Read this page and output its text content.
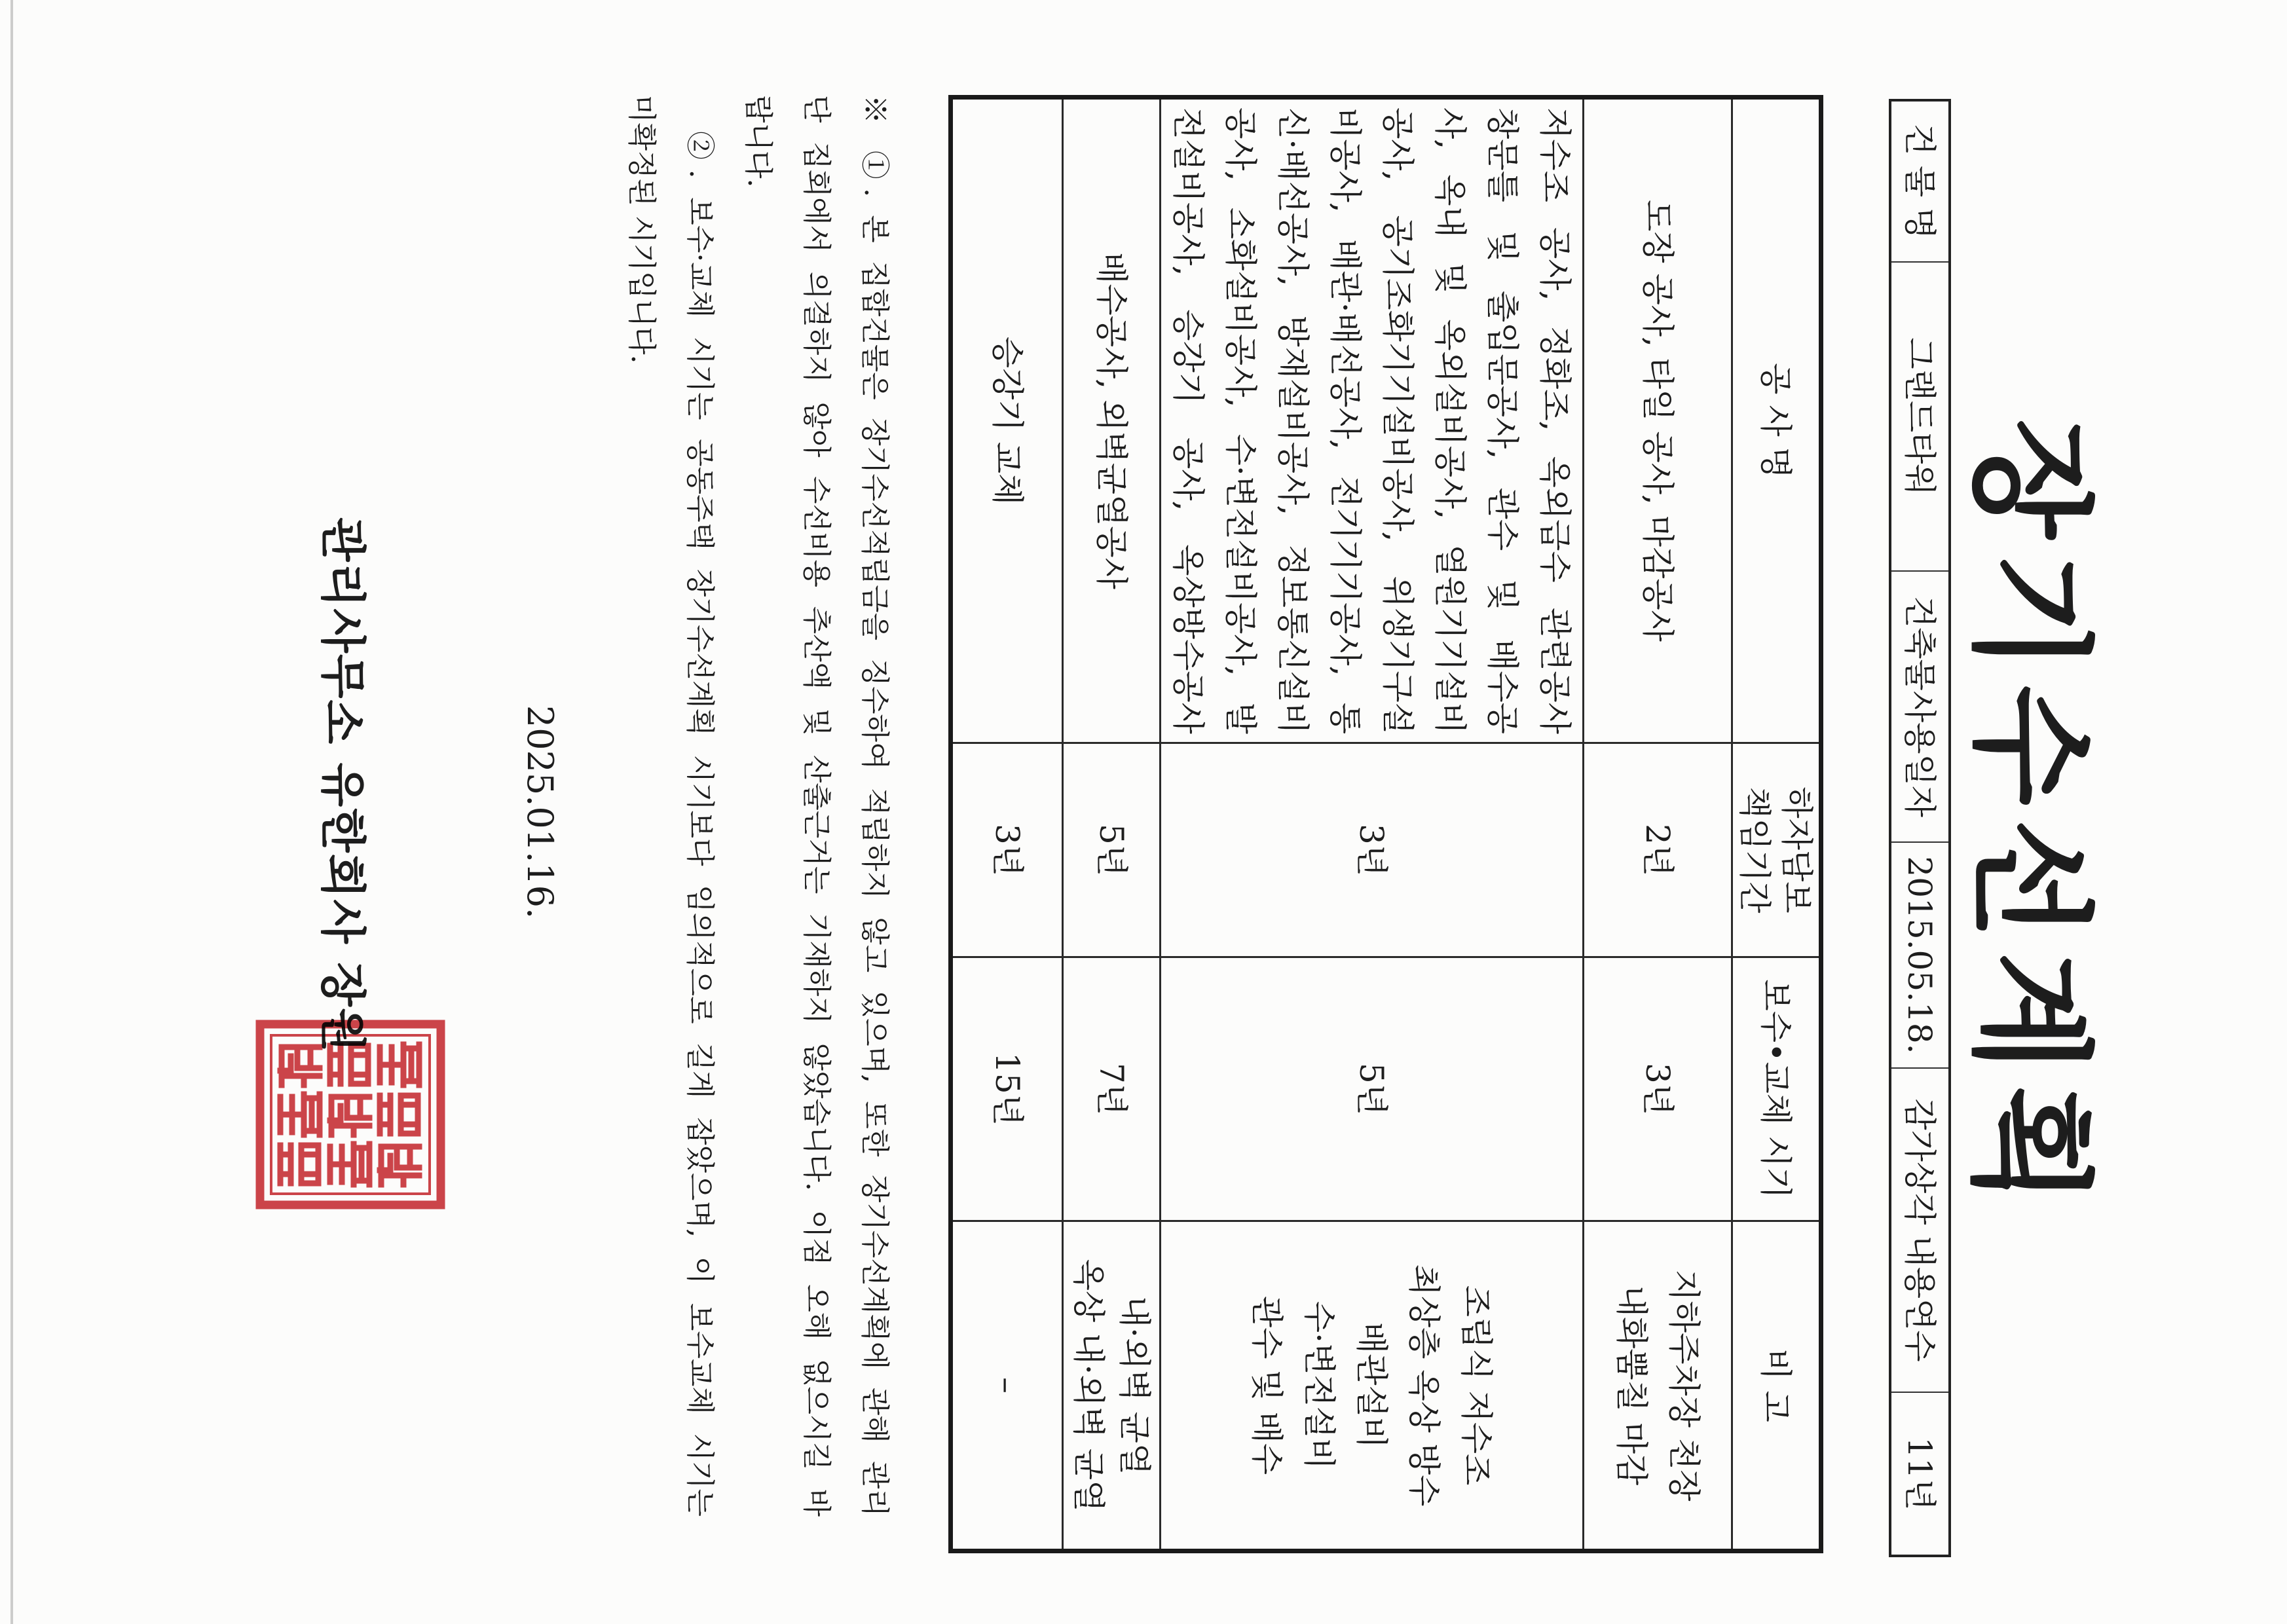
장기수선계획
건 물 명
그랜드타워
건축물사용일자
2015.05.18.
감가상각 내용연수
11년
공 사 명
하자담보
책임기간
보수•교체 시기
비 고
도장 공사, 타일 공사, 마감공사
2년
3년
지하주차장 천장
내화뿜칠 마감
저수조 공사, 정화조, 옥외급수 관련공사
창문틀 및 출입문공사, 관수 및 배수공
사, 옥내 및 옥외설비공사, 열원기기설비
공사, 공기조화기기설비공사, 위생기구설
비공사, 배관·배선공사, 전기기기공사, 통
신·배선공사, 방재설비공사, 정보통신설비
공사, 소화설비공사, 수·변전설비공사, 발
전설비공사, 승강기 공사, 옥상방수공사
3년
5년
조립식 저수조
최상층 옥상 방수
배관설비
수·변전설비
관수 및 배수
배수공사, 외벽균열공사
5년
7년
내·외벽 균열
옥상 내·외벽 균열
승강기 교체
3년
15년
–
※ ①. 본 집합건물은 장기수선적립금을 징수하여 적립하지 않고 있으며, 또한 장기수선계획에 관해 관리
단 집회에서 의결하지 않아 수선비용 추산액 및 산출근거는 기재하지 않았습니다. 이점 오해 없으시길 바
랍니다.
②. 보수·교체 시기는 공동주택 장기수선계획 시기보다 임의적으로 길게 잡았으며, 이 보수교체 시기는
미확정된 시기입니다.
2025.01.16.
관리사무소 유한회사 장원
